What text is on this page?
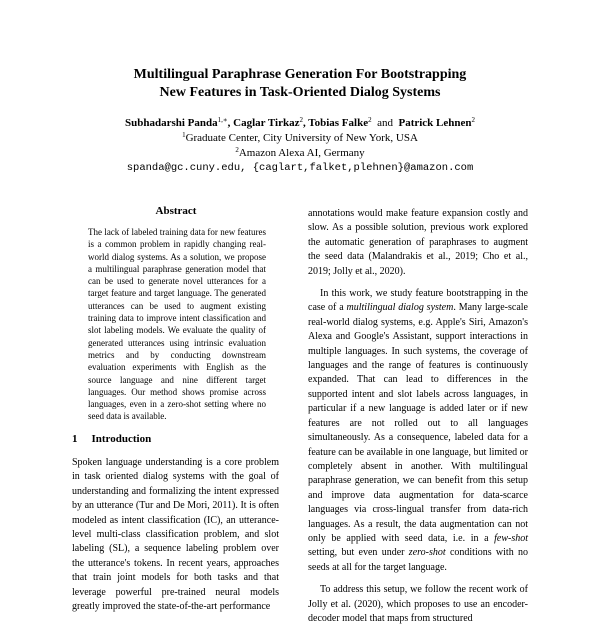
Multilingual Paraphrase Generation For Bootstrapping
New Features in Task-Oriented Dialog Systems
Subhadarshi Panda$^{1,∗}$, Caglar Tirkaz$^2$, Tobias Falke$^2$ and Patrick Lehnen$^2$
$^1$Graduate Center, City University of New York, USA
$^2$Amazon Alexa AI, Germany
spanda@gc.cuny.edu, {caglart,falket,plehnen}@amazon.com
Abstract

The lack of labeled training data for new features is a common problem in rapidly changing real-world dialog systems. As a solution, we propose a multilingual paraphrase generation model that can be used to generate novel utterances for a target feature and target language. The generated utterances can be used to augment existing training data to improve intent classification and slot labeling models. We evaluate the quality of generated utterances using intrinsic evaluation metrics and by conducting downstream evaluation experiments with English as the source language and nine different target languages. Our method shows promise across languages, even in a zero-shot setting where no seed data is available.

1 Introduction

Spoken language understanding is a core problem in task oriented dialog systems with the goal of understanding and formalizing the intent expressed by an utterance (Tur and De Mori, 2011). It is often modeled as intent classification (IC), an utterance-level multi-class classification problem, and slot labeling (SL), a sequence labeling problem over the utterance's tokens. In recent years, approaches that train joint models for both tasks and that leverage powerful pre-trained neural models greatly improved the state-of-the-art performance

annotations would make feature expansion costly and slow. As a possible solution, previous work explored the automatic generation of paraphrases to augment the seed data (Malandrakis et al., 2019; Cho et al., 2019; Jolly et al., 2020).

In this work, we study feature bootstrapping in the case of a multilingual dialog system. Many large-scale real-world dialog systems, e.g. Apple's Siri, Amazon's Alexa and Google's Assistant, support interactions in multiple languages. In such systems, the coverage of languages and the range of features is continuously expanded. That can lead to differences in the supported intent and slot labels across languages, in particular if a new language is added later or if new features are not rolled out to all languages simultaneously. As a consequence, labeled data for a feature can be available in one language, but limited or completely absent in another. With multilingual paraphrase generation, we can benefit from this setup and improve data augmentation for data-scarce languages via cross-lingual transfer from data-rich languages. As a result, the data augmentation can not only be applied with seed data, i.e. in a few-shot setting, but even under zero-shot conditions with no seeds at all for the target language.

To address this setup, we follow the recent work of Jolly et al. (2020), which proposes to use an encoder-decoder model that maps from structured
